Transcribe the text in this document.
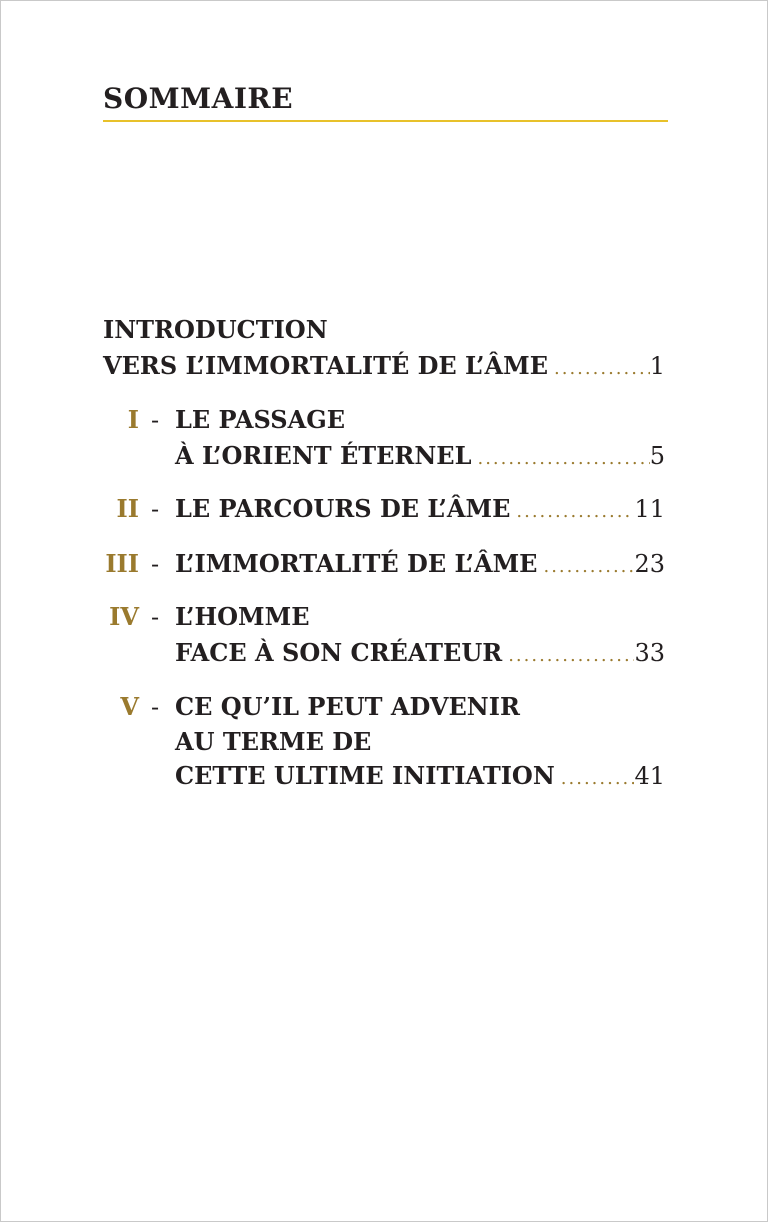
SOMMAIRE
INTRODUCTION
VERS L’IMMORTALITÉ DE L’ÂME .....	1
I - LE PASSAGE
À L’ORIENT ÉTERNEL .....	5
II - LE PARCOURS DE L’ÂME .....	11
III - L’IMMORTALITÉ DE L’ÂME .....	23
IV - L’HOMME
FACE À SON CRÉATEUR .....	33
V - CE QU’IL PEUT ADVENIR
AU TERME DE
CETTE ULTIME INITIATION .....	41
